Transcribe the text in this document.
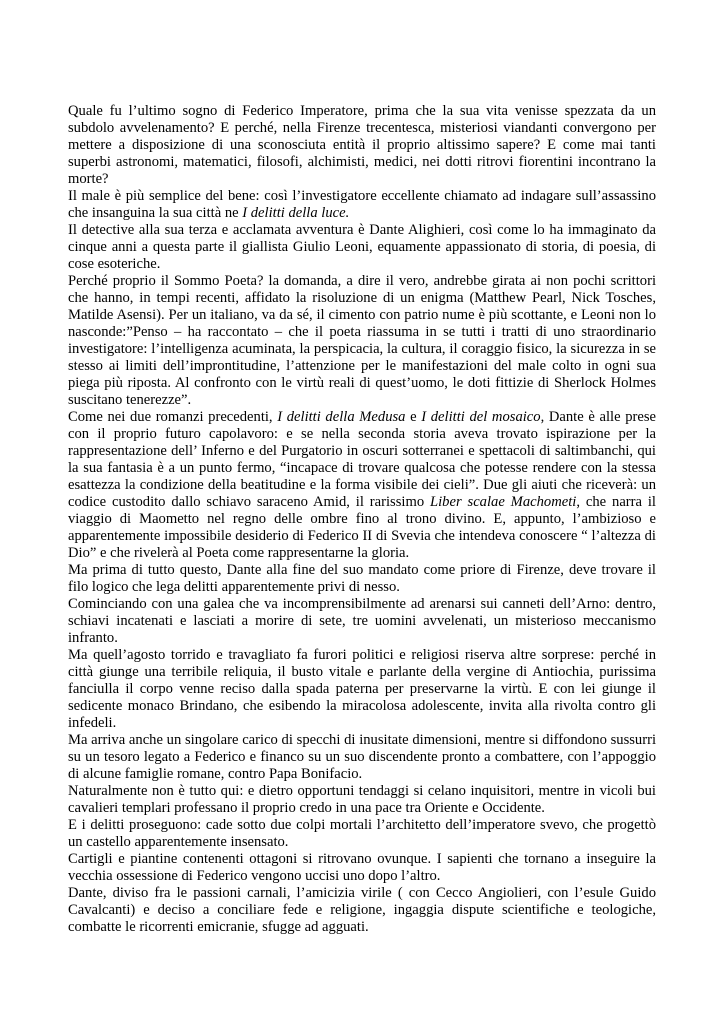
Quale fu l’ultimo sogno di Federico Imperatore, prima che la sua vita venisse spezzata da un subdolo avvelenamento? E perché, nella Firenze trecentesca, misteriosi viandanti convergono per mettere a disposizione di una sconosciuta entità il proprio altissimo sapere? E come mai tanti superbi astronomi, matematici, filosofi, alchimisti, medici, nei dotti ritrovi fiorentini incontrano la morte?

Il male è più semplice del bene: così l’investigatore eccellente chiamato ad indagare sull’assassino che insanguina la sua città ne I delitti della luce.

Il detective alla sua terza e acclamata avventura è Dante Alighieri, così come lo ha immaginato da cinque anni a questa parte il giallista Giulio Leoni, equamente appassionato di storia, di poesia, di cose esoteriche.

Perché proprio il Sommo Poeta? la domanda, a dire il vero, andrebbe girata ai non pochi scrittori che hanno, in tempi recenti, affidato la risoluzione di un enigma (Matthew Pearl, Nick Tosches, Matilde Asensi). Per un italiano, va da sé, il cimento con patrio nume è più scottante, e Leoni non lo nasconde:”Penso – ha raccontato – che il poeta riassuma in se tutti i tratti di uno straordinario investigatore: l’intelligenza acuminata, la perspicacia, la cultura, il coraggio fisico, la sicurezza in se stesso ai limiti dell’improntitudine, l’attenzione per le manifestazioni del male colto in ogni sua piega più riposta. Al confronto con le virtù reali di quest’uomo, le doti fittizie di Sherlock Holmes suscitano tenerezze”.

Come nei due romanzi precedenti, I delitti della Medusa e I delitti del mosaico, Dante è alle prese con il proprio futuro capolavoro: e se nella seconda storia aveva trovato ispirazione per la rappresentazione dell’ Inferno e del Purgatorio in oscuri sotterranei e spettacoli di saltimbanchi, qui la sua fantasia è a un punto fermo, “incapace di trovare qualcosa che potesse rendere con la stessa esattezza la condizione della beatitudine e la forma visibile dei cieli”. Due gli aiuti che riceverà: un codice custodito dallo schiavo saraceno Amid, il rarissimo Liber scalae Machometi, che narra il viaggio di Maometto nel regno delle ombre fino al trono divino. E, appunto, l’ambizioso e apparentemente impossibile desiderio di Federico II di Svevia che intendeva conoscere “ l’altezza di Dio” e che rivelerà al Poeta come rappresentarne la gloria.

Ma prima di tutto questo, Dante alla fine del suo mandato come priore di Firenze, deve trovare il filo logico che lega delitti apparentemente privi di nesso.

Cominciando con una galea che va incomprensibilmente ad arenarsi sui canneti dell’Arno: dentro, schiavi incatenati e lasciati a morire di sete, tre uomini avvelenati, un misterioso meccanismo infranto.

Ma quell’agosto torrido e travagliato fa furori politici e religiosi riserva altre sorprese: perché in città giunge una terribile reliquia, il busto vitale e parlante della vergine di Antiochia, purissima fanciulla il corpo venne reciso dalla spada paterna per preservarne la virtù. E con lei giunge il sedicente monaco Brindano, che esibendo la miracolosa adolescente, invita alla rivolta contro gli infedeli.

Ma arriva anche un singolare carico di specchi di inusitate dimensioni, mentre si diffondono sussurri su un tesoro legato a Federico e financo su un suo discendente pronto a combattere, con l’appoggio di alcune famiglie romane, contro Papa Bonifacio.

Naturalmente non è tutto qui: e dietro opportuni tendaggi si celano inquisitori, mentre in vicoli bui cavalieri templari professano il proprio credo in una pace tra Oriente e Occidente.

E i delitti proseguono: cade sotto due colpi mortali l’architetto dell’imperatore svevo, che progettò un castello apparentemente insensato.

Cartigli e piantine contenenti ottagoni si ritrovano ovunque. I sapienti che tornano a inseguire la vecchia ossessione di Federico vengono uccisi uno dopo l’altro.

Dante, diviso fra le passioni carnali, l’amicizia virile ( con Cecco Angiolieri, con l’esule Guido Cavalcanti) e deciso a conciliare fede e religione, ingaggia dispute scientifiche e teologiche, combatte le ricorrenti emicranie, sfugge ad agguati.
